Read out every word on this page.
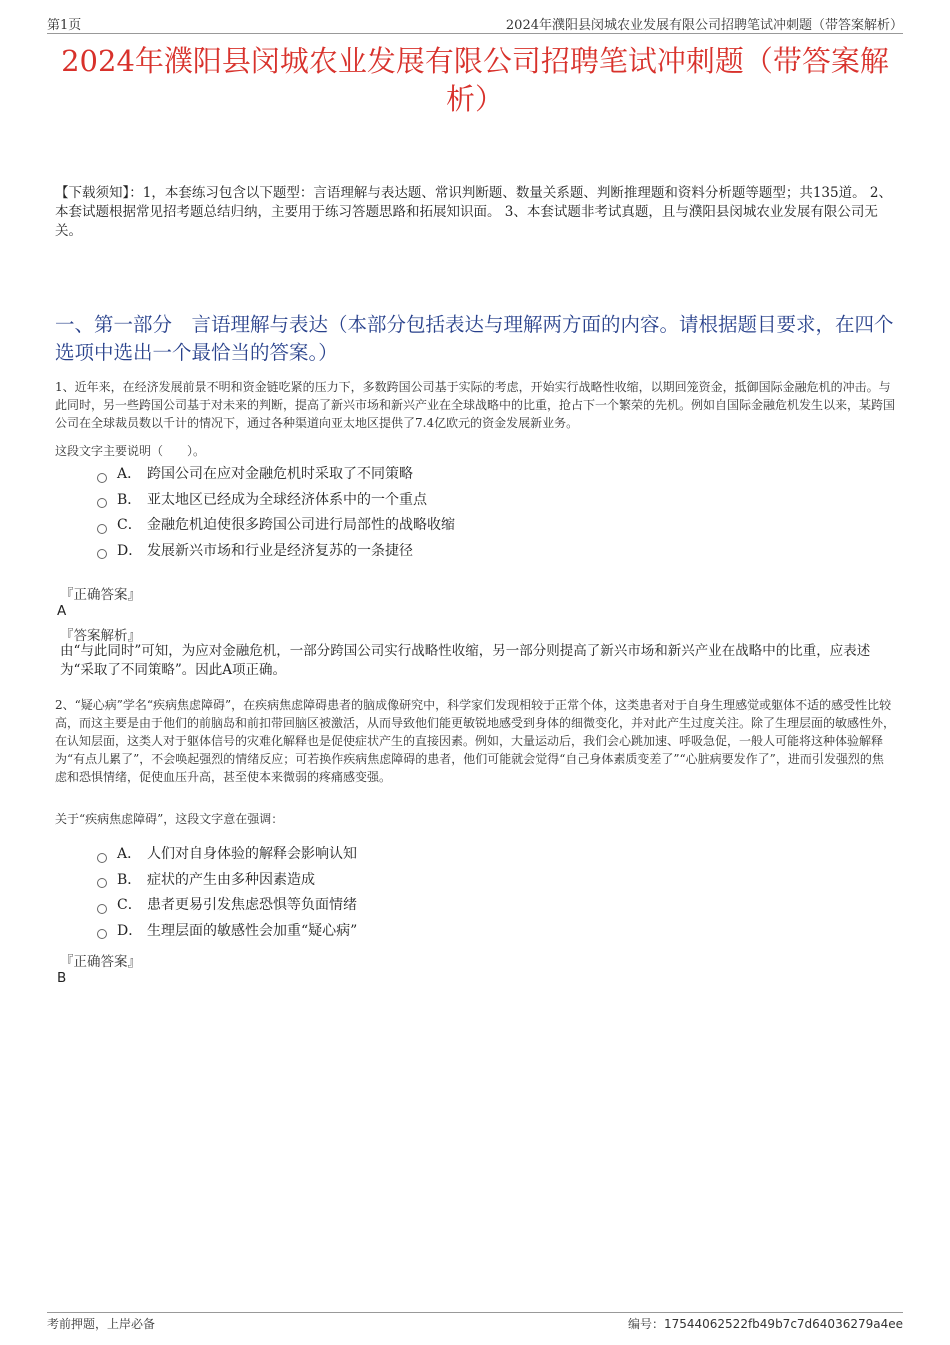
第1页	2024年濮阳县闵城农业发展有限公司招聘笔试冲刺题（带答案解析）
2024年濮阳县闵城农业发展有限公司招聘笔试冲刺题（带答案解析）
【下载须知】：1，本套练习包含以下题型：言语理解与表达题、常识判断题、数量关系题、判断推理题和资料分析题等题型；共135道。 2、本套试题根据常见招考题总结归纳，主要用于练习答题思路和拓展知识面。 3、本套试题非考试真题，且与濮阳县闵城农业发展有限公司无关。
一、第一部分　言语理解与表达（本部分包括表达与理解两方面的内容。请根据题目要求，在四个选项中选出一个最恰当的答案。）
1、近年来，在经济发展前景不明和资金链吃紧的压力下，多数跨国公司基于实际的考虑，开始实行战略性收缩，以期回笼资金，抵御国际金融危机的冲击。与此同时，另一些跨国公司基于对未来的判断，提高了新兴市场和新兴产业在全球战略中的比重，抢占下一个繁荣的先机。例如自国际金融危机发生以来，某跨国公司在全球裁员数以千计的情况下，通过各种渠道向亚太地区提供了7.4亿欧元的资金发展新业务。
这段文字主要说明（　　）。
A． 跨国公司在应对金融危机时采取了不同策略
B． 亚太地区已经成为全球经济体系中的一个重点
C． 金融危机迫使很多跨国公司进行局部性的战略收缩
D． 发展新兴市场和行业是经济复苏的一条捷径
『正确答案』
A
『答案解析』
由“与此同时”可知，为应对金融危机，一部分跨国公司实行战略性收缩，另一部分则提高了新兴市场和新兴产业在战略中的比重，应表述为“采取了不同策略”。因此A项正确。
2、“疑心病”学名“疾病焦虑障碍”，在疾病焦虑障碍患者的脑成像研究中，科学家们发现相较于正常个体，这类患者对于自身生理感觉或躯体不适的感受性比较高，而这主要是由于他们的前脑岛和前扣带回脑区被激活，从而导致他们能更敏锐地感受到身体的细微变化，并对此产生过度关注。除了生理层面的敏感性外，在认知层面，这类人对于躯体信号的灾难化解释也是促使症状产生的直接因素。例如，大量运动后，我们会心跳加速、呼吸急促，一般人可能将这种体验解释为“有点儿累了”，不会唤起强烈的情绪反应；可若换作疾病焦虑障碍的患者，他们可能就会觉得“自己身体素质变差了”“心脏病要发作了”，进而引发强烈的焦虑和恐惧情绪，促使血压升高，甚至使本来微弱的疼痛感变强。
关于“疾病焦虑障碍”，这段文字意在强调：
A． 人们对自身体验的解释会影响认知
B． 症状的产生由多种因素造成
C． 患者更易引发焦虑恐惧等负面情绪
D． 生理层面的敏感性会加重“疑心病”
『正确答案』
B
考前押题，上岸必备	编号：17544062522fb49b7c7d64036279a4ee
